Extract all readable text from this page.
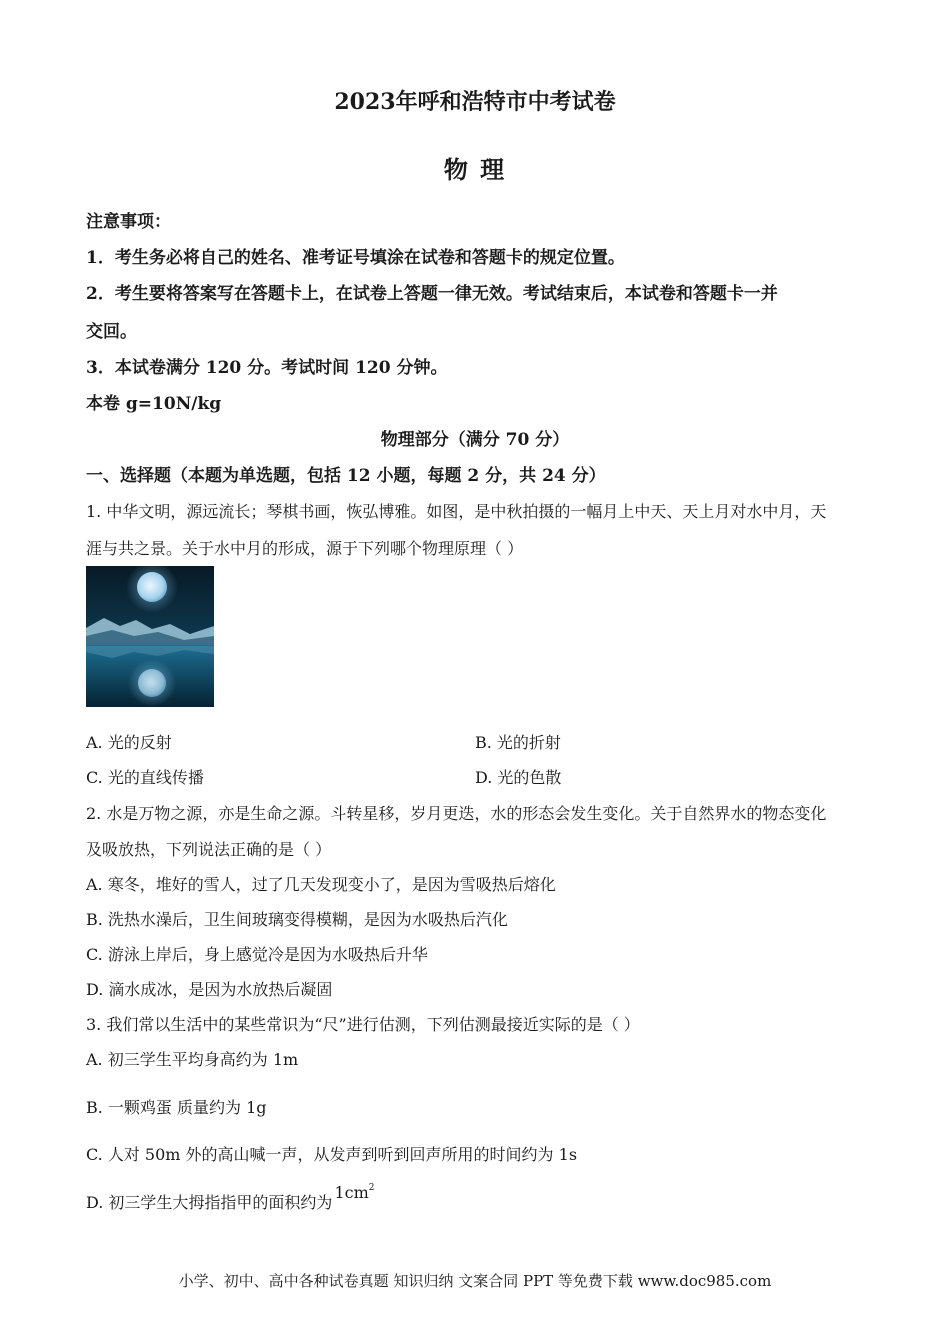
2023年呼和浩特市中考试卷
物 理
注意事项：
1．考生务必将自己的姓名、准考证号填涂在试卷和答题卡的规定位置。
2．考生要将答案写在答题卡上，在试卷上答题一律无效。考试结束后，本试卷和答题卡一并
交回。
3．本试卷满分 120 分。考试时间 120 分钟。
本卷 g=10N/kg
物理部分（满分 70 分）
一、选择题（本题为单选题，包括 12 小题，每题 2 分，共 24 分）
1. 中华文明，源远流长；琴棋书画，恢弘博雅。如图，是中秋拍摄的一幅月上中天、天上月对水中月，天
涯与共之景。关于水中月的形成，源于下列哪个物理原理（ ）
A. 光的反射	B. 光的折射
C. 光的直线传播	D. 光的色散
2. 水是万物之源，亦是生命之源。斗转星移，岁月更迭，水的形态会发生变化。关于自然界水的物态变化
及吸放热，下列说法正确的是（ ）
A. 寒冬，堆好的雪人，过了几天发现变小了，是因为雪吸热后熔化
B. 洗热水澡后，卫生间玻璃变得模糊，是因为水吸热后汽化
C. 游泳上岸后，身上感觉冷是因为水吸热后升华
D. 滴水成冰，是因为水放热后凝固
3. 我们常以生活中的某些常识为“尺”进行估测，下列估测最接近实际的是（ ）
A. 初三学生平均身高约为 1m
B. 一颗鸡蛋 质量约为 1g
C. 人对 50m 外的高山喊一声，从发声到听到回声所用的时间约为 1s
D. 初三学生大拇指指甲的面积约为$1cm^2$
小学、初中、高中各种试卷真题 知识归纳 文案合同 PPT 等免费下载 www.doc985.com
